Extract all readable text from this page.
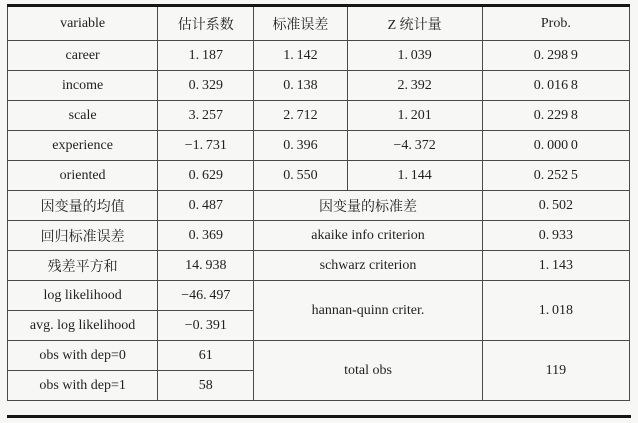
variable	估计系数	标准误差	Z 统计量	Prob.
career	1. 187	1. 142	1. 039	0. 298 9
income	0. 329	0. 138	2. 392	0. 016 8
scale	3. 257	2. 712	1. 201	0. 229 8
experience	−1. 731	0. 396	−4. 372	0. 000 0
oriented	0. 629	0. 550	1. 144	0. 252 5
因变量的均值	0. 487	因变量的标准差		0. 502
回归标准误差	0. 369	akaike info criterion		0. 933
残差平方和	14. 938	schwarz criterion		1. 143
log likelihood	−46. 497	hannan-quinn criter.		1. 018
avg. log likelihood	−0. 391			
obs with dep=0	61	total obs		119
obs with dep=1	58			
